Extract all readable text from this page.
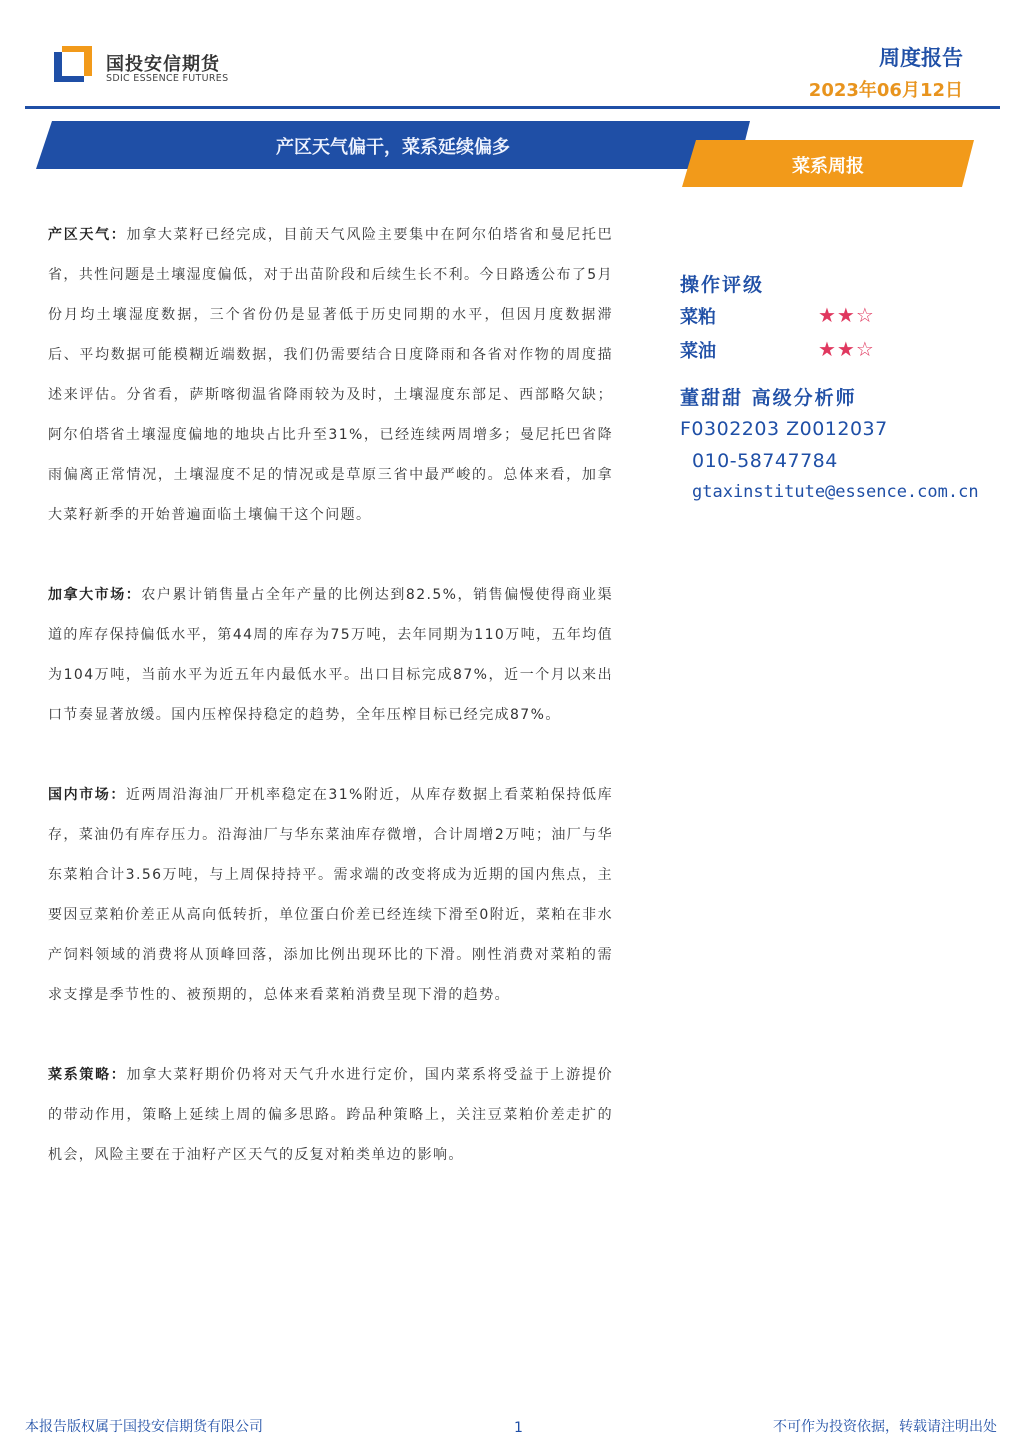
国投安信期货
SDIC ESSENCE FUTURES
周度报告
2023年06月12日
产区天气偏干，菜系延续偏多
菜系周报

产区天气：加拿大菜籽已经完成，目前天气风险主要集中在阿尔伯塔省和曼尼托巴省，共性问题是土壤湿度偏低，对于出苗阶段和后续生长不利。今日路透公布了5月份月均土壤湿度数据，三个省份仍是显著低于历史同期的水平，但因月度数据滞后、平均数据可能模糊近端数据，我们仍需要结合日度降雨和各省对作物的周度描述来评估。分省看，萨斯喀彻温省降雨较为及时，土壤湿度东部足、西部略欠缺；阿尔伯塔省土壤湿度偏地的地块占比升至31%，已经连续两周增多；曼尼托巴省降雨偏离正常情况，土壤湿度不足的情况或是草原三省中最严峻的。总体来看，加拿大菜籽新季的开始普遍面临土壤偏干这个问题。

加拿大市场：农户累计销售量占全年产量的比例达到82.5%，销售偏慢使得商业渠道的库存保持偏低水平，第44周的库存为75万吨，去年同期为110万吨，五年均值为104万吨，当前水平为近五年内最低水平。出口目标完成87%，近一个月以来出口节奏显著放缓。国内压榨保持稳定的趋势，全年压榨目标已经完成87%。

国内市场：近两周沿海油厂开机率稳定在31%附近，从库存数据上看菜粕保持低库存，菜油仍有库存压力。沿海油厂与华东菜油库存微增，合计周增2万吨；油厂与华东菜粕合计3.56万吨，与上周保持持平。需求端的改变将成为近期的国内焦点，主要因豆菜粕价差正从高向低转折，单位蛋白价差已经连续下滑至0附近，菜粕在非水产饲料领域的消费将从顶峰回落，添加比例出现环比的下滑。刚性消费对菜粕的需求支撑是季节性的、被预期的，总体来看菜粕消费呈现下滑的趋势。

菜系策略：加拿大菜籽期价仍将对天气升水进行定价，国内菜系将受益于上游提价的带动作用，策略上延续上周的偏多思路。跨品种策略上，关注豆菜粕价差走扩的机会，风险主要在于油籽产区天气的反复对粕类单边的影响。

操作评级
菜粕	★★☆
菜油	★★☆
董甜甜 高级分析师
F0302203 Z0012037
010-58747784
gtaxinstitute@essence.com.cn
本报告版权属于国投安信期货有限公司	1	不可作为投资依据，转载请注明出处
